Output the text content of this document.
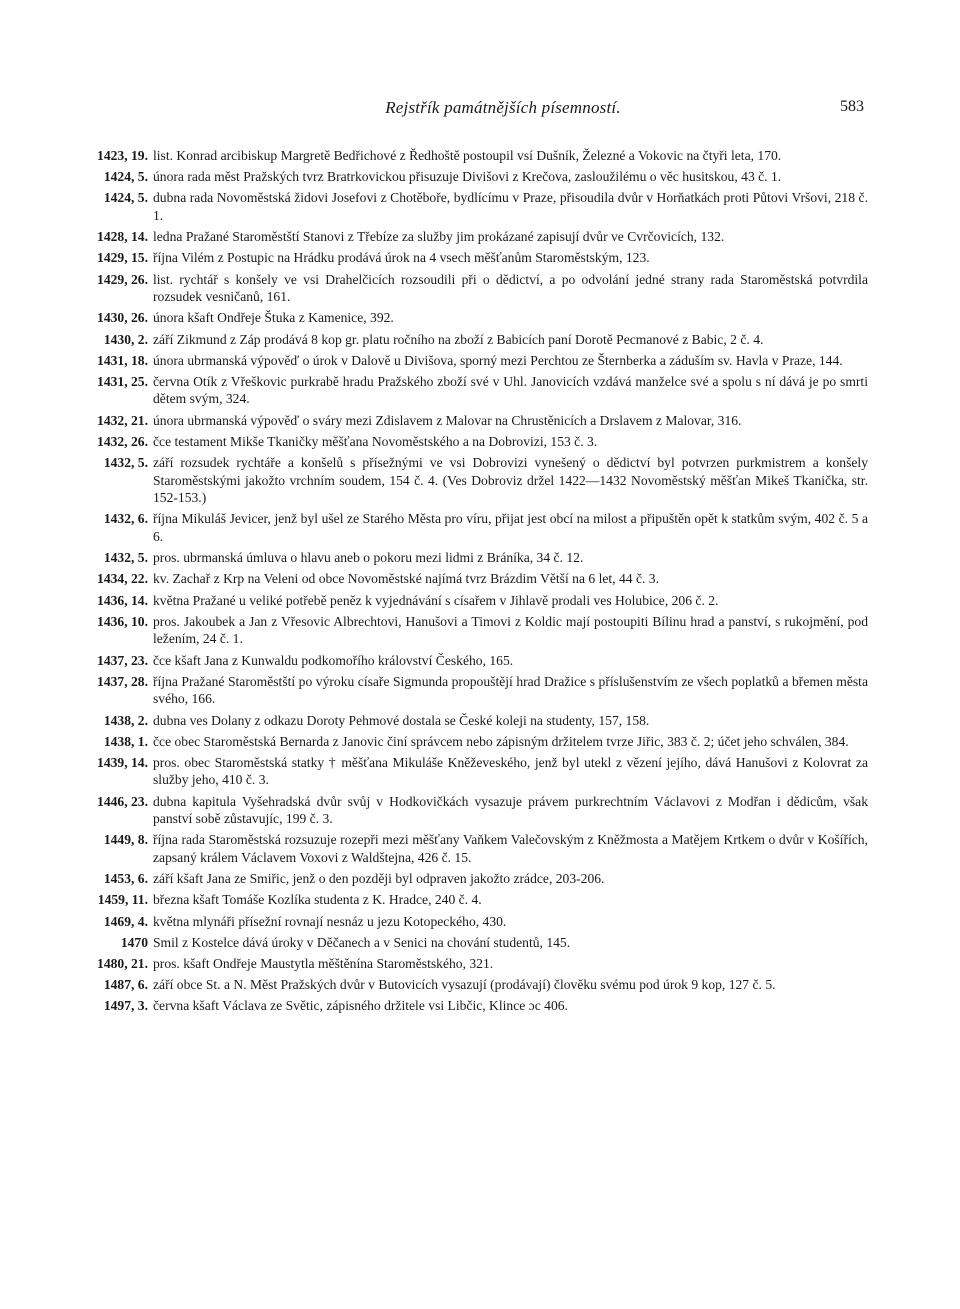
Rejstřík památnějších písemností.	583
1423, 19. list. Konrad arcibiskup Margretě Bedřichové z Ředhoště postoupil vsí Dušník, Železné a Vokovic na čtyři leta, 170.
1424, 5. února rada měst Pražských tvrz Bratrkovickou přisuzuje Divišovi z Krečova, zasloužilému o věc husitskou, 43 č. 1.
1424, 5. dubna rada Novoměstská židovi Josefovi z Chotěboře, bydlícímu v Praze, přisoudila dvůr v Horňatkách proti Půtovi Vršovi, 218 č. 1.
1428, 14. ledna Pražané Staroměstští Stanovi z Třebíze za služby jim prokázané zapisují dvůr ve Cvrčovicích, 132.
1429, 15. října Vilém z Postupic na Hrádku prodává úrok na 4 vsech měšťanům Staroměstským, 123.
1429, 26. list. rychtář s konšely ve vsi Drahelčicích rozsoudili při o dědictví, a po odvolání jedné strany rada Staroměstská potvrdila rozsudek vesničanů, 161.
1430, 26. února kšaft Ondřeje Štuka z Kamenice, 392.
1430, 2. září Zikmund z Záp prodává 8 kop gr. platu ročního na zboží z Babicích paní Dorotě Pecmanové z Babic, 2 č. 4.
1431, 18. února ubrmanská výpověď o úrok v Dalově u Divišova, sporný mezi Perchtou ze Šternberka a záduším sv. Havla v Praze, 144.
1431, 25. června Otík z Vřeškovic purkrabě hradu Pražského zboží své v Uhl. Janovicích vzdává manželce své a spolu s ní dává je po smrti dětem svým, 324.
1432, 21. února ubrmanská výpověď o sváry mezi Zdislavem z Malovar na Chrustěnicích a Drslavem z Malovar, 316.
1432, 26. čce testament Mikše Tkaničky měšťana Novoměstského a na Dobrovizi, 153 č. 3.
1432, 5. září rozsudek rychtáře a konšelů s přísežnými ve vsi Dobrovizi vynešený o dědictví byl potvrzen purkmistrem a konšely Staroměstskými jakožto vrchním soudem, 154 č. 4. (Ves Dobroviz držel 1422—1432 Novoměstský měšťan Mikeš Tkanička, str. 152-153.)
1432, 6. října Mikuláš Jevicer, jenž byl ušel ze Starého Města pro víru, přijat jest obcí na milost a připuštěn opět k statkům svým, 402 č. 5 a 6.
1432, 5. pros. ubrmanská úmluva o hlavu aneb o pokoru mezi lidmi z Bráníka, 34 č. 12.
1434, 22. kv. Zachař z Krp na Veleni od obce Novoměstské najímá tvrz Brázdim Větší na 6 let, 44 č. 3.
1436, 14. května Pražané u veliké potřebě peněz k vyjednávání s císařem v Jihlavě prodali ves Holubice, 206 č. 2.
1436, 10. pros. Jakoubek a Jan z Vřesovic Albrechtovi, Hanušovi a Timovi z Koldic mají postoupiti Bílinu hrad a panství, s rukojmění, pod ležením, 24 č. 1.
1437, 23. čce kšaft Jana z Kunwaldu podkomořího království Českého, 165.
1437, 28. října Pražané Staroměstští po výroku císaře Sigmunda propouštějí hrad Dražice s příslušenstvím ze všech poplatků a břemen města svého, 166.
1438, 2. dubna ves Dolany z odkazu Doroty Pehmové dostala se České koleji na studenty, 157, 158.
1438, 1. čce obec Staroměstská Bernarda z Janovic činí správcem nebo zápisným držitelem tvrze Jiřic, 383 č. 2; účet jeho schválen, 384.
1439, 14. pros. obec Staroměstská statky † měšťana Mikuláše Kněževeského, jenž byl utekl z vězení jejího, dává Hanušovi z Kolovrat za služby jeho, 410 č. 3.
1446, 23. dubna kapitula Vyšehradská dvůr svůj v Hodkovičkách vysazuje právem purkrechtním Václavovi z Modřan i dědicům, však panství sobě zůstavujíc, 199 č. 3.
1449, 8. října rada Staroměstská rozsuzuje rozepři mezi měšťany Vaňkem Valečovským z Kněžmosta a Matějem Krtkem o dvůr v Košířích, zapsaný králem Václavem Voxovi z Waldštejna, 426 č. 15.
1453, 6. září kšaft Jana ze Smiřic, jenž o den později byl odpraven jakožto zrádce, 203-206.
1459, 11. března kšaft Tomáše Kozlíka studenta z K. Hradce, 240 č. 4.
1469, 4. května mlynáři přísežní rovnají nesnáz u jezu Kotopeckého, 430.
1470 Smil z Kostelce dává úroky v Děčanech a v Senici na chování studentů, 145.
1480, 21. pros. kšaft Ondřeje Maustytla měštěnína Staroměstského, 321.
1487, 6. září obce St. a N. Měst Pražských dvůr v Butovicích vysazují (prodávají) člověku svému pod úrok 9 kop, 127 č. 5.
1497, 3. června kšaft Václava ze Světic, zápisného držitele vsi Libčic, Klince ɔc 406.
